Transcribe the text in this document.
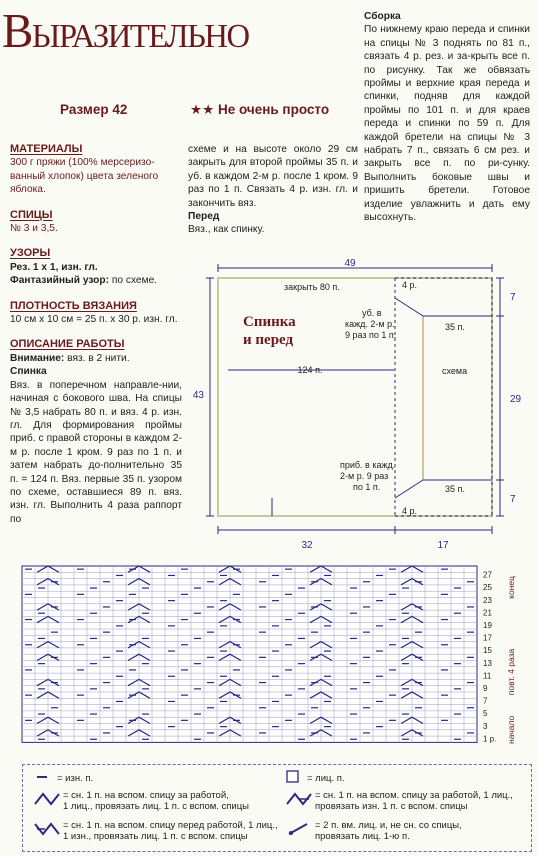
Выразительно
Размер 42	★★ Не очень просто
МАТЕРИАЛЫ
300 г пряжи (100% мерсеризо-ванный хлопок) цвета зеленого яблока.
СПИЦЫ
№ 3 и 3,5.
УЗОРЫ
Рез. 1 х 1, изн. гл.
Фантазийный узор: по схеме.
ПЛОТНОСТЬ ВЯЗАНИЯ
10 см х 10 см = 25 п. х 30 р. изн. гл.
ОПИСАНИЕ РАБОТЫ
Внимание: вяз. в 2 нити.
Спинка
Вяз. в поперечном направле-нии, начиная с бокового шва. На спицы № 3,5 набрать 80 п. и вяз. 4 р. изн. гл. Для формирования проймы приб. с правой стороны в каждом 2-м р. после 1 кром. 9 раз по 1 п. и затем набрать до-полнительно 35 п. = 124 п. Вяз. первые 35 п. узором по схеме, оставшиеся 89 п. вяз. изн. гл. Выполнить 4 раза раппорт по
схеме и на высоте около 29 см закрыть для второй проймы 35 п. и уб. в каждом 2-м р. после 1 кром. 9 раз по 1 п. Связать 4 р. изн. гл. и закончить вяз.
Перед
Вяз., как спинку.
Сборка
По нижнему краю переда и спинки на спицы № 3 поднять по 81 п., связать 4 р. рез. и за-крыть все п. по рисунку. Так же обвязать проймы и верхние края переда и спинки, подняв для каждой проймы по 101 п. и для краев переда и спинки по 59 п. Для каждой бретели на спицы № 3 набрать 7 п., связать 6 см рез. и закрыть все п. по ри-сунку. Выполнить боковые швы и пришить бретели. Готовое изделие увлажнить и дать ему высохнуть.
49
43
32	17
7
29
7
закрыть 80 п.	4 р.
4 р.
Спинка
и перед
уб. в
кажд. 2-м р.
9 раз по 1 п.
приб. в кажд.
2-м р. 9 раз
по 1 п.
35 п.
35 п.
схема
124 п.
1 р.
3
5
7
9
11
13
15
17
19
21
23
25
27
конец
повт. 4 раза
начало
= изн. п.	= лиц. п.
= сн. 1 п. на вспом. спицу за работой,
1 лиц., провязать лиц. 1 п. с вспом. спицы
= сн. 1 п. на вспом. спицу за работой, 1 лиц.,
провязать изн. 1 п. с вспом. спицы
= сн. 1 п. на вспом. спицу перед работой, 1 лиц.,
1 изн., провязать лиц. 1 п. с вспом. спицы
= 2 п. вм. лиц. и, не сн. со спицы,
провязать лиц. 1-ю п.
